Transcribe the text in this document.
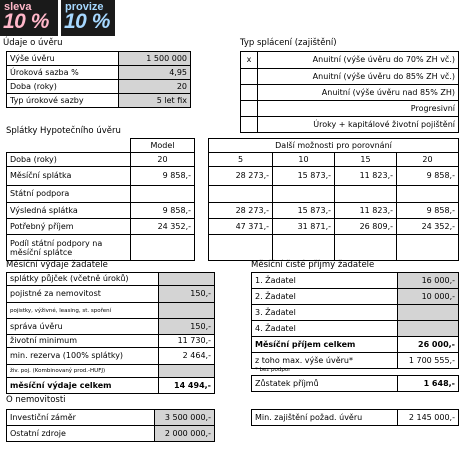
sleva
10 %
provize
10 %
Údaje o úvěru
Výše úvěru	1 500 000
Úroková sazba %	4,95
Doba (roky)	20
Typ úrokové sazby	5 let fix
Typ splácení (zajištění)
x	Anuitní (výše úvěru do 70% ZH vč.)
	Anuitní (výše úvěru do 85% ZH vč.)
	Anuitní (výše úvěru nad 85% ZH)
	Progresivní
	Úroky + kapitálové životní pojištění
Splátky Hypotečního úvěru
	Model		Další možnosti pro porovnání			
Doba (roky)	20		5	10	15	20
Měsíční splátka	9 858,-		28 273,-	15 873,-	11 823,-	9 858,-
Státní podpora						
Výsledná splátka	9 858,-		28 273,-	15 873,-	11 823,-	9 858,-
Potřebný příjem	24 352,-		47 371,-	31 871,-	26 809,-	24 352,-
Podíl státní podpory na měsíční splátce						
Měsíční výdaje žadatele
splátky půjček (včetně úroků)	
pojistné za nemovitost	150,-
pojistky, výživné, leasing, st. spoření	
správa úvěru	150,-
životní minimum	11 730,-
min. rezerva (100% splátky)	2 464,-
živ. poj. (Kombinovaný prod.-HUFJ)	
měsíční výdaje celkem	14 494,-
Měsíční čisté příjmy žadatele
1. Žadatel	16 000,-
2. Žadatel	10 000,-
3. Žadatel	
4. Žadatel	
Měsíční příjem celkem	26 000,-
z toho max. výše úvěru*	1 700 555,-
* bez podpor
Zůstatek příjmů	1 648,-
O nemovitosti
Investiční záměr	3 500 000,-
Ostatní zdroje	2 000 000,-
Min. zajištění požad. úvěru	2 145 000,-
